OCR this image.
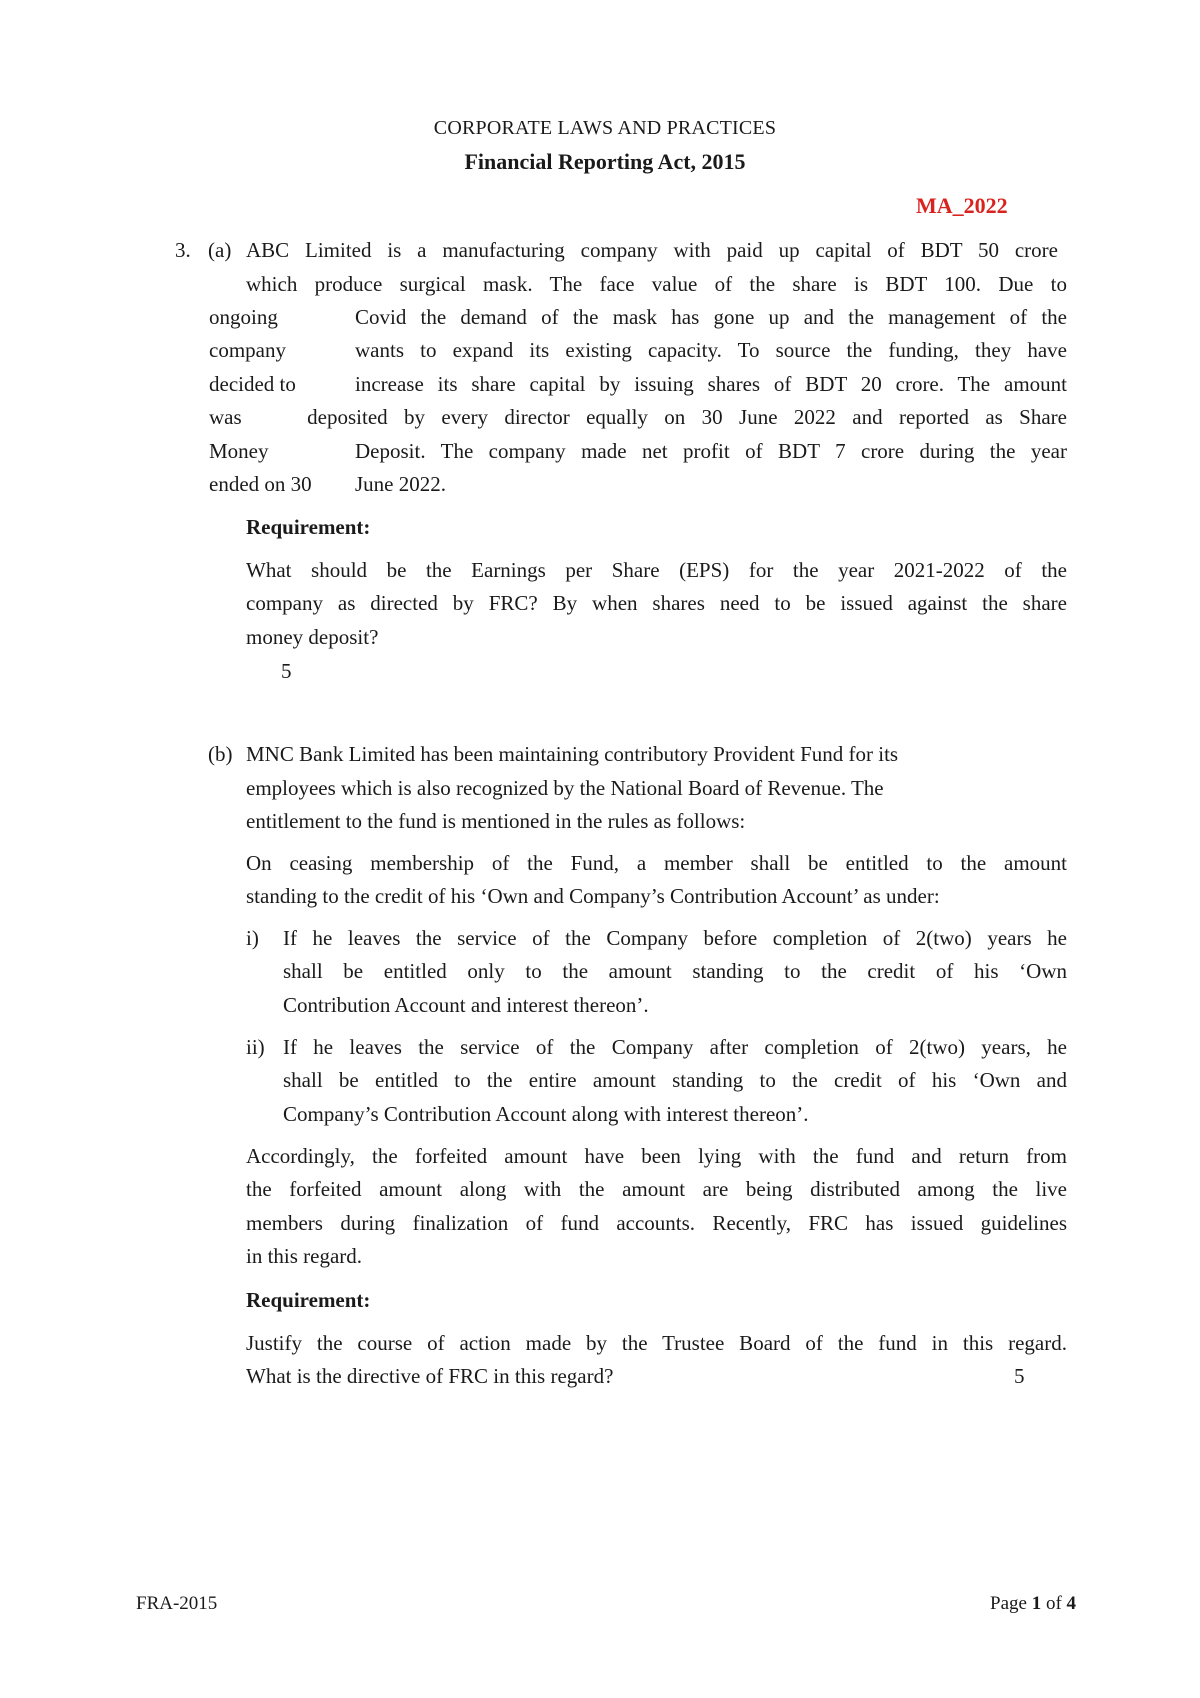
CORPORATE LAWS AND PRACTICES

Financial Reporting Act, 2015

MA_2022

3. (a) ABC Limited is a manufacturing company with paid up capital of BDT 50 crore

which produce surgical mask. The face value of the share is BDT 100. Due to

ongoing	Covid the demand of the mask has gone up and the management of the

company	wants to expand its existing capacity. To source the funding, they have

decided to	increase its share capital by issuing shares of BDT 20 crore. The amount

was    deposited by every director equally on 30 June 2022 and reported as Share

Money	Deposit. The company made net profit of BDT 7 crore during the year

ended on 30 June 2022.
Requirement:

What should be the Earnings per Share (EPS) for the year 2021-2022 of the

company as directed by FRC? By when shares need to be issued against the share

money deposit?
5
(b) MNC Bank Limited has been maintaining contributory Provident Fund for its
employees which is also recognized by the National Board of Revenue. The
entitlement to the fund is mentioned in the rules as follows:

On ceasing membership of the Fund, a member shall be entitled to the amount

standing to the credit of his ‘Own and Company’s Contribution Account’ as under:
i) If he leaves the service of the Company before completion of 2(two) years he

shall be entitled only to the amount standing to the credit of his ‘Own

Contribution Account and interest thereon’.
ii) If he leaves the service of the Company after completion of 2(two) years, he

shall be entitled to the entire amount standing to the credit of his ‘Own and

Company’s Contribution Account along with interest thereon’.

Accordingly, the forfeited amount have been lying with the fund and return from

the forfeited amount along with the amount are being distributed among the live

members during finalization of fund accounts. Recently, FRC has issued guidelines

in this regard.
Requirement:

Justify the course of action made by the Trustee Board of the fund in this regard.

What is the directive of FRC in this regard?	5
FRA-2015	Page 1 of 4
